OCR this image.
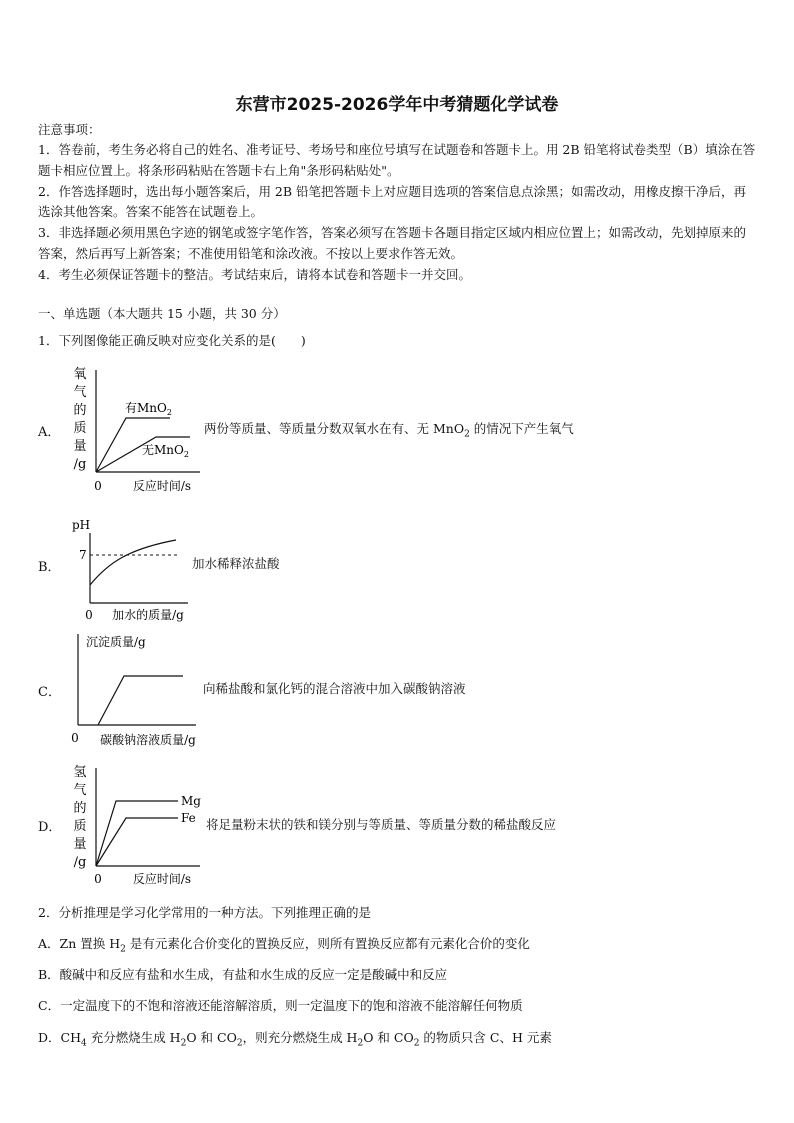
东营市2025-2026学年中考猜题化学试卷
注意事项：

1．答卷前，考生务必将自己的姓名、准考证号、考场号和座位号填写在试题卷和答题卡上。用 2B 铅笔将试卷类型（B）填涂在答题卡相应位置上。将条形码粘贴在答题卡右上角"条形码粘贴处"。

2．作答选择题时，选出每小题答案后，用 2B 铅笔把答题卡上对应题目选项的答案信息点涂黑；如需改动，用橡皮擦干净后，再选涂其他答案。答案不能答在试题卷上。

3．非选择题必须用黑色字迹的钢笔或签字笔作答，答案必须写在答题卡各题目指定区域内相应位置上；如需改动，先划掉原来的答案，然后再写上新答案；不准使用铅笔和涂改液。不按以上要求作答无效。

4．考生必须保证答题卡的整洁。考试结束后，请将本试卷和答题卡一并交回。

一、单选题（本大题共 15 小题，共 30 分）
1．下列图像能正确反映对应变化关系的是(　　)
A．
氧
气
的
质
量
/g
有MnO$_2$
无MnO$_2$
0	反应时间/s
两份等质量、等质量分数双氧水在有、无 MnO$_2$ 的情况下产生氧气
B．
pH
7
0 加水的质量/g
加水稀释浓盐酸
C．
沉淀质量/g
0 碳酸钠溶液质量/g
向稀盐酸和氯化钙的混合溶液中加入碳酸钠溶液
D．
氢
气
的
质
量
/g
Mg
Fe
0	反应时间/s
将足量粉末状的铁和镁分别与等质量、等质量分数的稀盐酸反应
2．分析推理是学习化学常用的一种方法。下列推理正确的是
A．Zn 置换 $H_2$ 是有元素化合价变化的置换反应，则所有置换反应都有元素化合价的变化
B．酸碱中和反应有盐和水生成，有盐和水生成的反应一定是酸碱中和反应
C．一定温度下的不饱和溶液还能溶解溶质，则一定温度下的饱和溶液不能溶解任何物质
D．$CH_4$ 充分燃烧生成 $H_2O$ 和 $CO_2$，则充分燃烧生成 $H_2O$ 和 $CO_2$ 的物质只含 C、H 元素
